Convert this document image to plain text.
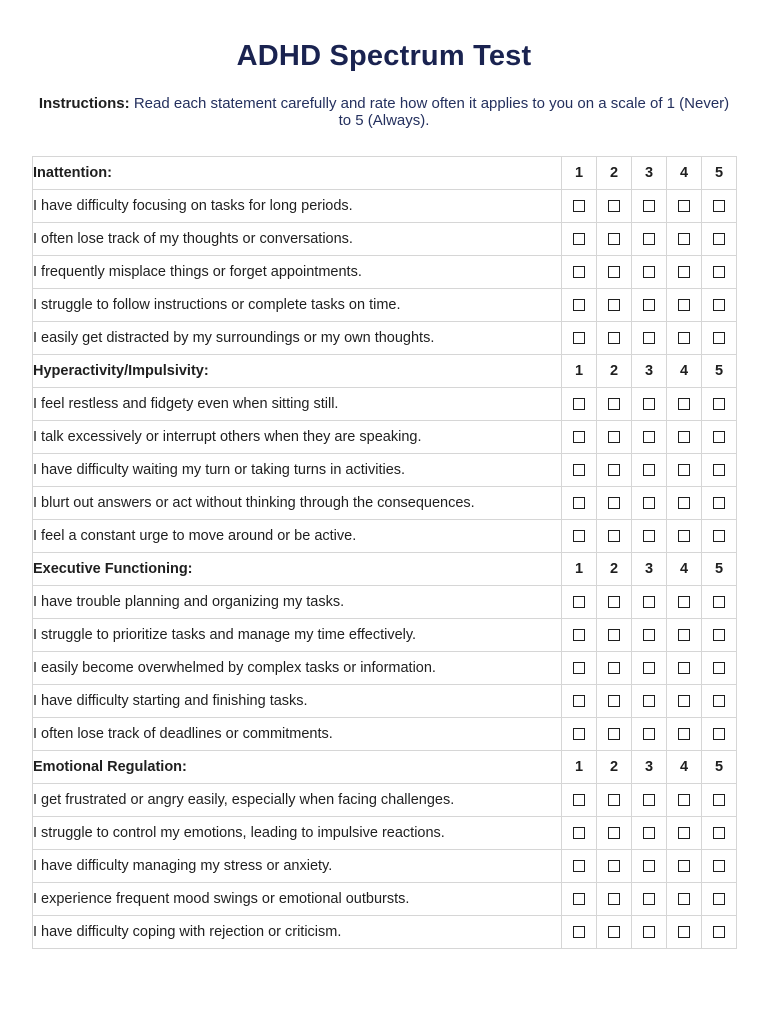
ADHD Spectrum Test
Instructions: Read each statement carefully and rate how often it applies to you on a scale of 1 (Never) to 5 (Always).
Inattention:	1	2	3	4	5
I have difficulty focusing on tasks for long periods.					
I often lose track of my thoughts or conversations.					
I frequently misplace things or forget appointments.					
I struggle to follow instructions or complete tasks on time.					
I easily get distracted by my surroundings or my own thoughts.					
Hyperactivity/Impulsivity:	1	2	3	4	5
I feel restless and fidgety even when sitting still.					
I talk excessively or interrupt others when they are speaking.					
I have difficulty waiting my turn or taking turns in activities.					
I blurt out answers or act without thinking through the consequences.					
I feel a constant urge to move around or be active.					
Executive Functioning:	1	2	3	4	5
I have trouble planning and organizing my tasks.					
I struggle to prioritize tasks and manage my time effectively.					
I easily become overwhelmed by complex tasks or information.					
I have difficulty starting and finishing tasks.					
I often lose track of deadlines or commitments.					
Emotional Regulation:	1	2	3	4	5
I get frustrated or angry easily, especially when facing challenges.					
I struggle to control my emotions, leading to impulsive reactions.					
I have difficulty managing my stress or anxiety.					
I experience frequent mood swings or emotional outbursts.					
I have difficulty coping with rejection or criticism.					
